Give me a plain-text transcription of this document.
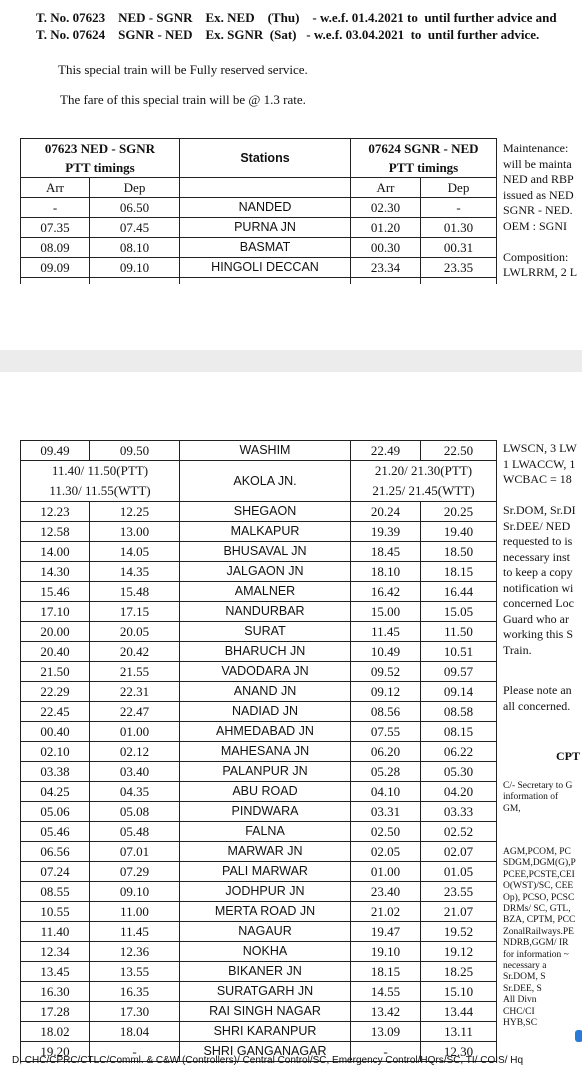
T. No. 07623    NED - SGNR    Ex. NED    (Thu)    - w.e.f. 01.4.2021 to  until further advice and
T. No. 07624    SGNR - NED    Ex. SGNR  (Sat)   - w.e.f. 03.04.2021  to  until further advice.
This special train will be Fully reserved service.
The fare of this special train will be @ 1.3 rate.
07623 NED - SGNR		Stations	07624 SGNR - NED	
PTT timings			PTT timings	
Arr	Dep		Arr	Dep
-	06.50	NANDED	02.30	-
07.35	07.45	PURNA JN	01.20	01.30
08.09	08.10	BASMAT	00.30	00.31
09.09	09.10	HINGOLI DECCAN	23.34	23.35

Maintenance:
will be mainta
NED and RBP
issued as NED
SGNR - NED.
OEM : SGNI

Composition:
LWLRRM, 2 L
09.49	09.50	WASHIM	22.49	22.50
11.40/ 11.50(PTT)		AKOLA JN.	21.20/ 21.30(PTT)	
11.30/ 11.55(WTT)			21.25/ 21.45(WTT)	
12.23	12.25	SHEGAON	20.24	20.25
12.58	13.00	MALKAPUR	19.39	19.40
14.00	14.05	BHUSAVAL JN	18.45	18.50
14.30	14.35	JALGAON JN	18.10	18.15
15.46	15.48	AMALNER	16.42	16.44
17.10	17.15	NANDURBAR	15.00	15.05
20.00	20.05	SURAT	11.45	11.50
20.40	20.42	BHARUCH JN	10.49	10.51
21.50	21.55	VADODARA JN	09.52	09.57
22.29	22.31	ANAND JN	09.12	09.14
22.45	22.47	NADIAD JN	08.56	08.58
00.40	01.00	AHMEDABAD JN	07.55	08.15
02.10	02.12	MAHESANA JN	06.20	06.22
03.38	03.40	PALANPUR JN	05.28	05.30
04.25	04.35	ABU ROAD	04.10	04.20
05.06	05.08	PINDWARA	03.31	03.33
05.46	05.48	FALNA	02.50	02.52
06.56	07.01	MARWAR JN	02.05	02.07
07.24	07.29	PALI MARWAR	01.00	01.05
08.55	09.10	JODHPUR JN	23.40	23.55
10.55	11.00	MERTA ROAD JN	21.02	21.07
11.40	11.45	NAGAUR	19.47	19.52
12.34	12.36	NOKHA	19.10	19.12
13.45	13.55	BIKANER JN	18.15	18.25
16.30	16.35	SURATGARH JN	14.55	15.10
17.28	17.30	RAI SINGH NAGAR	13.42	13.44
18.02	18.04	SHRI KARANPUR	13.09	13.11
19.20	-	SHRI GANGANAGAR	-	12.30
LWSCN, 3 LW
1 LWACCW, 1
WCBAC = 18
Sr.DOM, Sr.DI
Sr.DEE/ NED
requested to is
necessary inst
to keep a copy
notification wi
concerned Loc
Guard who ar
working this S
Train.
Please note an
all concerned.
CPT
C/- Secretary to G
information of
GM,
AGM,PCOM, PC
SDGM,DGM(G),P
PCEE,PCSTE,CEI
O(WST)/SC, CEE
Op), PCSO, PCSC
DRMs/ SC, GTL,
BZA, CPTM, PCC
ZonalRailways.PE
NDRB,GGM/ IR
for information ~
necessary a
Sr.DOM, S
Sr.DEE, S
All Divn
CHC/CI
HYB,SC
D, CHC/CPRC/CTLC/Comml. & C&W (Controllers)/ Central Control/SC, Emergency Control/HQrs/SC, TI/ COIS/ Hq
